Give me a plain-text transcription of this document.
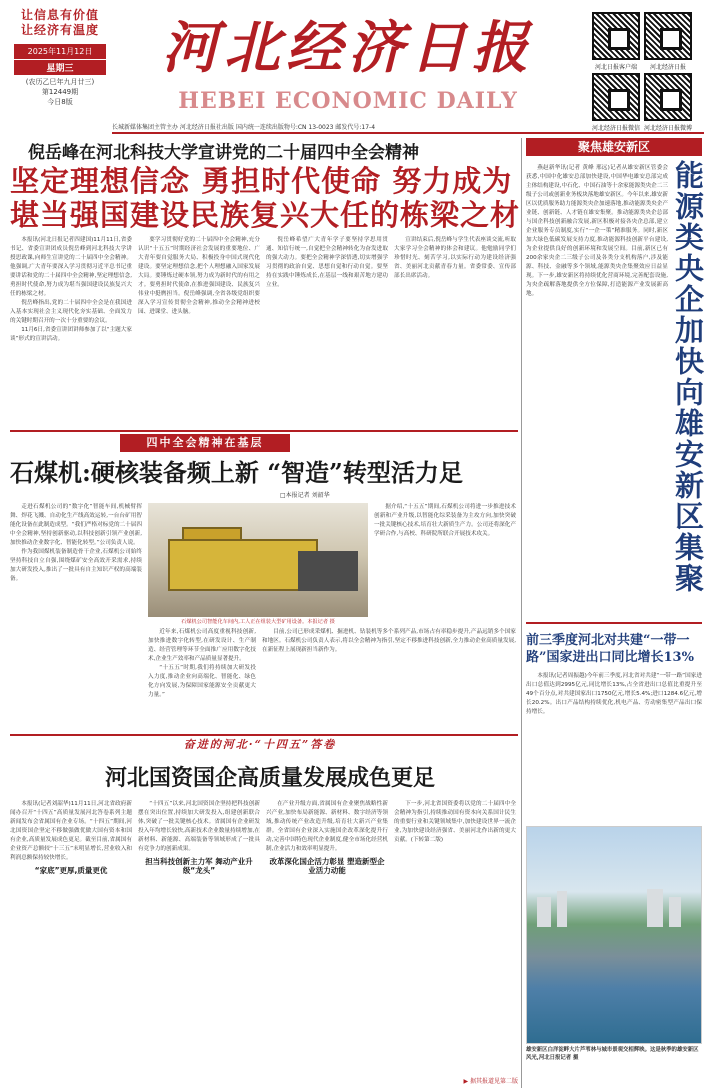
让信息有价值
让经济有温度
2025年11月12日
星期三
(农历乙巳年九月廿三)
第12449期
今日8版
河北经济日报
HEBEI ECONOMIC DAILY
河北日报客户端	河北经济日报
河北经济日报微信 河北经济日报微博
长城新媒体集团主管主办 河北经济日报社出版 国内统一连续出版物号:CN 13-0023 邮发代号:17-4
倪岳峰在河北科技大学宣讲党的二十届四中全会精神
坚定理想信念 勇担时代使命 努力成为
堪当强国建设民族复兴大任的栋梁之材

本报讯(河北日报记者四建国)11月11日,省委书记、省委宣讲团成员倪岳峰到河北科技大学讲授思政课,向师生宣讲党的二十届四中全会精神。他强调,广大青年要深入学习贯彻习近平总书记重要讲话和党的二十届四中全会精神,坚定理想信念,勇担时代使命,努力成为堪当强国建设民族复兴大任的栋梁之材。

倪岳峰指出,党的二十届四中全会是在我国进入基本实现社会主义现代化夯实基础、全面发力的关键时期召开的一次十分重要的会议。

11月6日,省委宣讲团讲师参加了以“主题大家谈”形式的宣讲活动。

要学习贯彻好党的二十届四中全会精神,充分认识“十五五”时期经济社会发展的重要地位、广大青年要自觉服务大局、积极投身中国式现代化建设。要坚定理想信念,把个人理想融入国家发展大局。要锤炼过硬本领,努力成为新时代的有用之才。要勇担时代使命,在推进强国建设、民族复兴伟业中挺膺担当。倪岳峰强调,全省各级党组织要深入学习宣传贯彻全会精神,推动全会精神进校园、进课堂、进头脑。

倪岳峰希望广大青年学子要坚持学思用贯通、知信行统一,自觉把全会精神转化为奋发进取的强大动力。要把全会精神学深悟透,切实增强学习贯彻的政治自觉、思想自觉和行动自觉。要坚持在实践中锤炼成长,在基层一线和艰苦地方建功立业。

宣讲结束后,倪岳峰与学生代表座谈交流,听取大家学习全会精神的体会和建议。他勉励同学们珍惜时光、刻苦学习,以实际行动为建设经济强省、美丽河北贡献青春力量。省委常委、宣传部部长出席活动。

聚焦雄安新区

燕赵新华讯(记者 黄峰 邢远)记者从雄安新区管委会获悉,中国中化雄安总部加快建设,中国华电雄安总部完成主体结构建设,中石化、中国石油等十余家能源类央企二三级子公司或创新业务板块落地雄安新区。今年以来,雄安新区以优质服务助力能源类央企加速落地,推动能源类央企产业链、创新链、人才链在雄安集聚。推动能源类央企总部与国企科技创新融合发展,新区积极对接各央企总部,建立企业服务专员制度,实行“一企一策”精准服务。同时,新区加大绿色低碳发展支持力度,推动能源科技创新平台建设,为企业提供良好的创新环境和发展空间。目前,新区已有200余家央企二三级子公司及各类分支机构落户,涉及能源、科技、金融等多个领域,能源类央企集聚效应日益显现。下一步,雄安新区将持续优化营商环境,完善配套设施,为央企疏解落地提供全方位保障,打造能源产业发展新高地。	能源类央企加快向雄安新区集聚
前三季度河北对共建“一带一路”国家进出口同比增长13%

本报讯(记者周振越)今年前三季度,河北省对共建“一带一路”国家进出口总值达到2995亿元,同比增长13%,占全省进出口总值比重提升至49个百分点,对共建国家出口1750亿元,增长5.4%;进口1284.6亿元,增长20.2%。出口产品结构持续优化,机电产品、劳动密集型产品出口保持增长。

雄安新区白洋淀畔大片芦苇林与城市景观交相辉映。这是秋季的雄安新区风光,河北日报记者 摄
四中全会精神在基层
石煤机:硬核装备频上新 “智造”转型活力足
□本报记者 刘韶华

走进石煤机公司的“数字化”智能车间,机械臂挥舞、焊花飞溅、自动化生产线高效运转,一台台矿用智能化设备在此制造成型。“我们严格对标党的二十届四中全会精神,坚持创新驱动,以科技创新引领产业创新,加快推动企业数字化、智能化转型。”公司负责人说。

作为我国煤机装备制造骨干企业,石煤机公司始终坚持科技自立自强,围绕煤矿安全高效开采需求,持续加大研发投入,推出了一批具有自主知识产权的高端装备。

石煤机公司智能化车间内,工人正在组装大型矿用设备。本报记者 摄

据介绍,“十五五”期间,石煤机公司将进一步推进技术创新和产业升级,以智能化综采装备为主攻方向,加快突破一批关键核心技术,培育壮大新质生产力。公司还将深化产学研合作,与高校、科研院所联合开展技术攻关。

近年来,石煤机公司高度重视科技创新,加快推进数字化转型,在研发设计、生产制造、经营管理等环节全面推广应用数字化技术,企业生产效率和产品质量显著提升。

“十五五”时期,我们将持续加大研发投入力度,推动企业向高端化、智能化、绿色化方向发展,为保障国家能源安全贡献更大力量。”

目前,公司已形成采煤机、掘进机、钻装机等多个系列产品,市场占有率稳步提升,产品远销多个国家和地区。石煤机公司负责人表示,将以全会精神为指引,坚定不移推进科技创新,全力推动企业高质量发展,在新征程上展现新担当新作为。

奋进的河北·“十四五”答卷
河北国资国企高质量发展成色更足

本报讯(记者刘韶华)11月11日,河北省政府新闻办召开“十四五”高质量发展河北答卷系列主题新闻发布会省属国有企业专场。“十四五”期间,河北国资国企坚定不移做强做优做大国有资本和国有企业,高质量发展成色更足。截至目前,省属国有企业资产总额较“十三五”末明显增长,营业收入和利润总额保持较快增长。

“家底”更厚,质量更优

“十四五”以来,河北国资国企坚持把科技创新摆在突出位置,持续加大研发投入,组建创新联合体,突破了一批关键核心技术。省属国有企业研发投入年均增长较快,高新技术企业数量持续增加,在新材料、新能源、高端装备等领域形成了一批具有竞争力的创新成果。

担当科技创新主力军 舞动产业升级“龙头”

在产业升级方面,省属国有企业聚焦战略性新兴产业,加快布局新能源、新材料、数字经济等领域,推动传统产业改造升级,培育壮大新兴产业集群。全省国有企业深入实施国企改革深化提升行动,完善中国特色现代企业制度,健全市场化经营机制,企业活力和效率明显提升。

改革深化国企活力彰显 塑造新型企业活力动能

下一步,河北省国资委将以党的二十届四中全会精神为指引,持续推动国有资本向关系国计民生的重要行业和关键领域集中,加快建设世界一流企业,为加快建设经济强省、美丽河北作出新的更大贡献。(下转第二版)

▶ 据其报道见第二版
